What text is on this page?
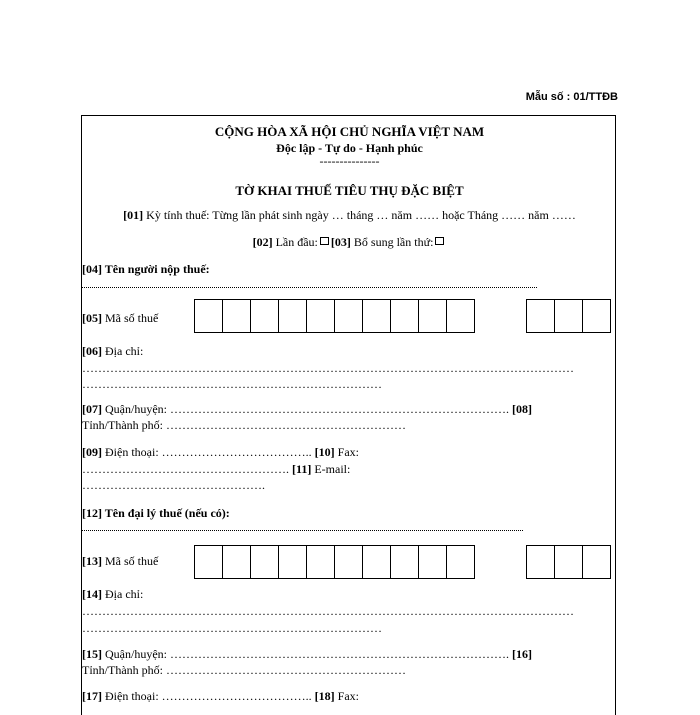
Mẫu số : 01/TTĐB
CỘNG HÒA XÃ HỘI CHỦ NGHĨA VIỆT NAM
Độc lập - Tự do - Hạnh phúc
---------------
TỜ KHAI THUẾ TIÊU THỤ ĐẶC BIỆT
[01] Kỳ tính thuế: Từng lần phát sinh ngày … tháng … năm …… hoặc Tháng …… năm ……
[02] Lần đầu: [03] Bổ sung lần thứ:
[04] Tên người nộp thuế:
[05] Mã số thuế
[06] Địa chỉ:
……………………………………………………………………………………………………………
…………………………………………………………………
[07] Quận/huyện: …………………………………………………………………………. [08]
Tỉnh/Thành phố: ……………………………………………………
[09] Điện thoại: ……………………………….. [10] Fax:
……………………………………………. [11] E-mail:
……………………………………….
[12] Tên đại lý thuế (nếu có):
[13] Mã số thuế
[14] Địa chỉ:
……………………………………………………………………………………………………………
…………………………………………………………………
[15] Quận/huyện: …………………………………………………………………………. [16]
Tỉnh/Thành phố: ……………………………………………………
[17] Điện thoại: ……………………………….. [18] Fax:
